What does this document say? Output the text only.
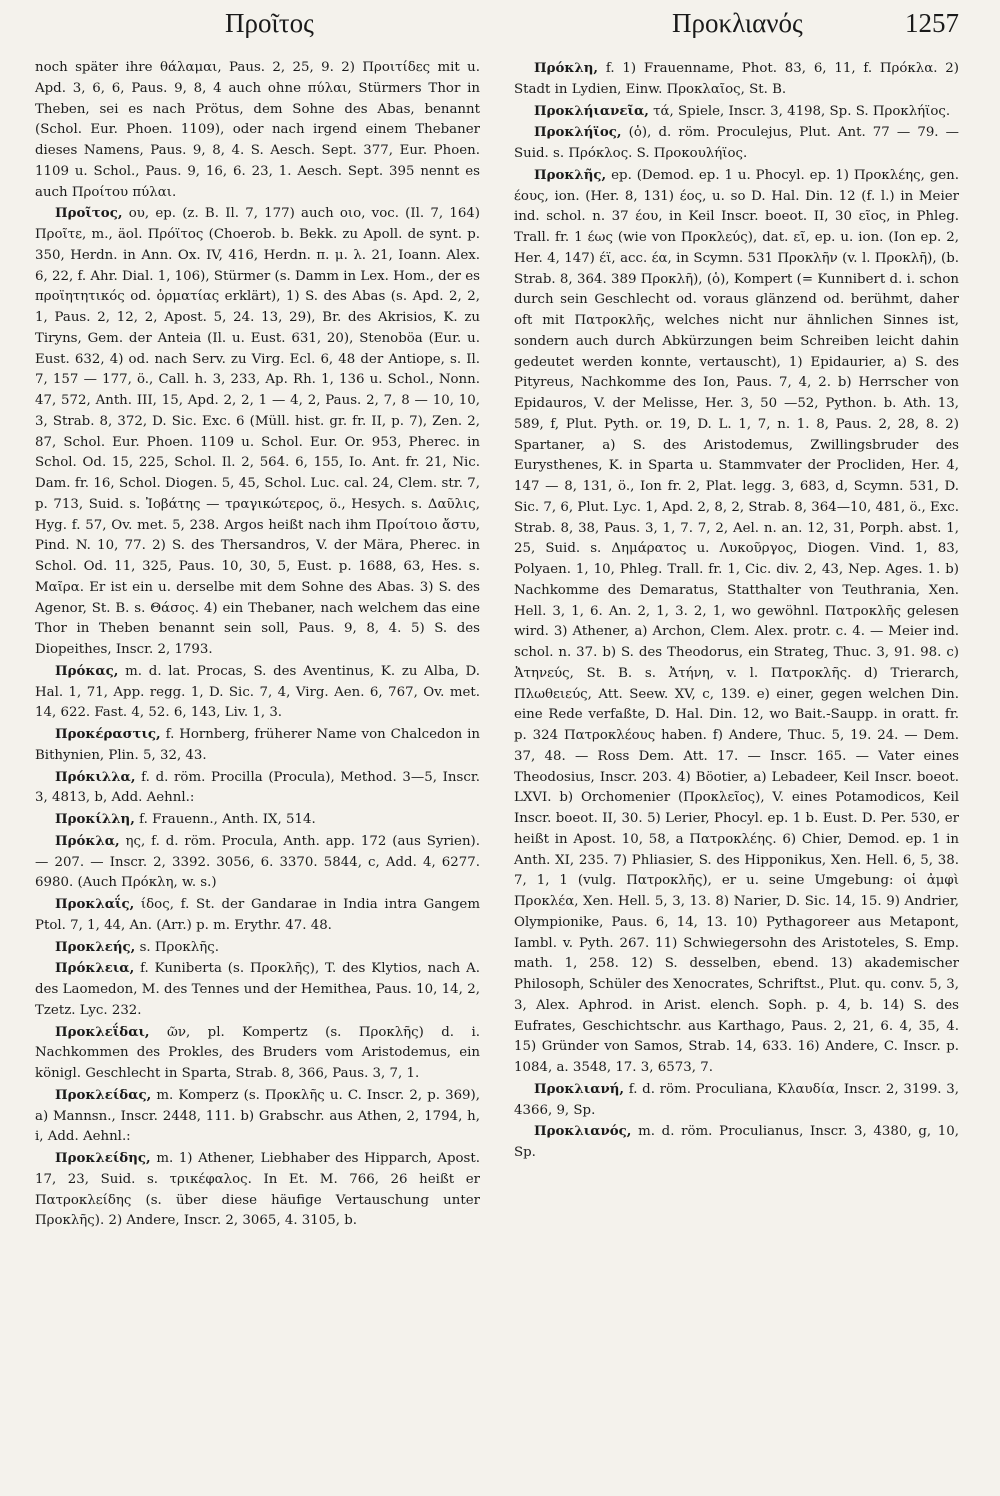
Προῖτος	Προκλιανός	1257

noch später ihre θάλαμαι, Paus. 2, 25, 9. 2) Προιτίδες mit u. Apd. 3, 6, 6, Paus. 9, 8, 4 auch ohne πύλαι, Stürmers Thor in Theben, sei es nach Prötus, dem Sohne des Abas, benannt (Schol. Eur. Phoen. 1109), oder nach irgend einem Thebaner dieses Namens, Paus. 9, 8, 4. S. Aesch. Sept. 377, Eur. Phoen. 1109 u. Schol., Paus. 9, 16, 6. 23, 1. Aesch. Sept. 395 nennt es auch Προίτου πύλαι.

Προῖτος, ου, ep. (z. B. Il. 7, 177) auch οιο, voc. (Il. 7, 164) Προῖτε, m., äol. Πρόϊτος (Choerob. b. Bekk. zu Apoll. de synt. p. 350, Herdn. in Ann. Ox. IV, 416, Herdn. π. μ. λ. 21, Ioann. Alex. 6, 22, f. Ahr. Dial. 1, 106), Stürmer (s. Damm in Lex. Hom., der es προϊητητικός od. ὁρματίας erklärt), 1) S. des Abas (s. Apd. 2, 2, 1, Paus. 2, 12, 2, Apost. 5, 24. 13, 29), Br. des Akrisios, K. zu Tiryns, Gem. der Anteia (Il. u. Eust. 631, 20), Stenoböa (Eur. u. Eust. 632, 4) od. nach Serv. zu Virg. Ecl. 6, 48 der Antiope, s. Il. 7, 157 — 177, ö., Call. h. 3, 233, Ap. Rh. 1, 136 u. Schol., Nonn. 47, 572, Anth. III, 15, Apd. 2, 2, 1 — 4, 2, Paus. 2, 7, 8 — 10, 10, 3, Strab. 8, 372, D. Sic. Exc. 6 (Müll. hist. gr. fr. II, p. 7), Zen. 2, 87, Schol. Eur. Phoen. 1109 u. Schol. Eur. Or. 953, Pherec. in Schol. Od. 15, 225, Schol. Il. 2, 564. 6, 155, Io. Ant. fr. 21, Nic. Dam. fr. 16, Schol. Diogen. 5, 45, Schol. Luc. cal. 24, Clem. str. 7, p. 713, Suid. s. Ἰοβάτης — τραγικώτερος, ö., Hesych. s. Δαῦλις, Hyg. f. 57, Ov. met. 5, 238. Argos heißt nach ihm Προίτοιο ἄστυ, Pind. N. 10, 77. 2) S. des Thersandros, V. der Mära, Pherec. in Schol. Od. 11, 325, Paus. 10, 30, 5, Eust. p. 1688, 63, Hes. s. Μαῖρα. Er ist ein u. derselbe mit dem Sohne des Abas. 3) S. des Agenor, St. B. s. Θάσος. 4) ein Thebaner, nach welchem das eine Thor in Theben benannt sein soll, Paus. 9, 8, 4. 5) S. des Diopeithes, Inscr. 2, 1793.

Πρόκας, m. d. lat. Procas, S. des Aventinus, K. zu Alba, D. Hal. 1, 71, App. regg. 1, D. Sic. 7, 4, Virg. Aen. 6, 767, Ov. met. 14, 622. Fast. 4, 52. 6, 143, Liv. 1, 3.

Προκέραστις, f. Hornberg, früherer Name von Chalcedon in Bithynien, Plin. 5, 32, 43.

Πρόκιλλα, f. d. röm. Procilla (Procula), Method. 3—5, Inscr. 3, 4813, b, Add. Aehnl.:

Προκίλλη, f. Frauenn., Anth. IX, 514.

Πρόκλα, ης, f. d. röm. Procula, Anth. app. 172 (aus Syrien). — 207. — Inscr. 2, 3392. 3056, 6. 3370. 5844, c, Add. 4, 6277. 6980. (Auch Πρόκλη, w. s.)

Προκλαΐς, ίδος, f. St. der Gandarae in India intra Gangem Ptol. 7, 1, 44, An. (Arr.) p. m. Erythr. 47. 48.

Προκλεής, s. Προκλῆς.

Πρόκλεια, f. Kuniberta (s. Προκλῆς), T. des Klytios, nach A. des Laomedon, M. des Tennes und der Hemithea, Paus. 10, 14, 2, Tzetz. Lyc. 232.

Προκλεΐδαι, ῶν, pl. Kompertz (s. Προκλῆς) d. i. Nachkommen des Prokles, des Bruders vom Aristodemus, ein königl. Geschlecht in Sparta, Strab. 8, 366, Paus. 3, 7, 1.

Προκλείδας, m. Komperz (s. Προκλῆς u. C. Inscr. 2, p. 369), a) Mannsn., Inscr. 2448, 111. b) Grabschr. aus Athen, 2, 1794, h, i, Add. Aehnl.:

Προκλείδης, m. 1) Athener, Liebhaber des Hipparch, Apost. 17, 23, Suid. s. τρικέφαλος. In Et. M. 766, 26 heißt er Πατροκλείδης (s. über diese häufige Vertauschung unter Προκλῆς). 2) Andere, Inscr. 2, 3065, 4. 3105, b.

Πρόκλη, f. 1) Frauenname, Phot. 83, 6, 11, f. Πρόκλα. 2) Stadt in Lydien, Einw. Προκλαῖος, St. B.

Προκλήιανεῖα, τά, Spiele, Inscr. 3, 4198, Sp. S. Προκλήϊος.

Προκλήϊος, (ὁ), d. röm. Proculejus, Plut. Ant. 77 — 79. — Suid. s. Πρόκλος. S. Προκουλήϊος.

Προκλῆς, ep. (Demod. ep. 1 u. Phocyl. ep. 1) Προκλέης, gen. έους, ion. (Her. 8, 131) έος, u. so D. Hal. Din. 12 (f. l.) in Meier ind. schol. n. 37 έου, in Keil Inscr. boeot. II, 30 εῖος, in Phleg. Trall. fr. 1 έως (wie von Προκλεύς), dat. εῖ, ep. u. ion. (Ion ep. 2, Her. 4, 147) έϊ, acc. έα, in Scymn. 531 Προκλῆν (v. l. Προκλῆ), (b. Strab. 8, 364. 389 Προκλῆ), (ὁ), Kompert (= Kunnibert d. i. schon durch sein Geschlecht od. voraus glänzend od. berühmt, daher oft mit Πατροκλῆς, welches nicht nur ähnlichen Sinnes ist, sondern auch durch Abkürzungen beim Schreiben leicht dahin gedeutet werden konnte, vertauscht), 1) Epidaurier, a) S. des Pityreus, Nachkomme des Ion, Paus. 7, 4, 2. b) Herrscher von Epidauros, V. der Melisse, Her. 3, 50 —52, Python. b. Ath. 13, 589, f, Plut. Pyth. or. 19, D. L. 1, 7, n. 1. 8, Paus. 2, 28, 8. 2) Spartaner, a) S. des Aristodemus, Zwillingsbruder des Eurysthenes, K. in Sparta u. Stammvater der Procliden, Her. 4, 147 — 8, 131, ö., Ion fr. 2, Plat. legg. 3, 683, d, Scymn. 531, D. Sic. 7, 6, Plut. Lyc. 1, Apd. 2, 8, 2, Strab. 8, 364—10, 481, ö., Exc. Strab. 8, 38, Paus. 3, 1, 7. 7, 2, Ael. n. an. 12, 31, Porph. abst. 1, 25, Suid. s. Δημάρατος u. Λυκοῦργος, Diogen. Vind. 1, 83, Polyaen. 1, 10, Phleg. Trall. fr. 1, Cic. div. 2, 43, Nep. Ages. 1. b) Nachkomme des Demaratus, Statthalter von Teuthrania, Xen. Hell. 3, 1, 6. An. 2, 1, 3. 2, 1, wo gewöhnl. Πατροκλῆς gelesen wird. 3) Athener, a) Archon, Clem. Alex. protr. c. 4. — Meier ind. schol. n. 37. b) S. des Theodorus, ein Strateg, Thuc. 3, 91. 98. c) Ἀτηνεύς, St. B. s. Ἀτήνη, v. l. Πατροκλῆς. d) Trierarch, Πλωθειεύς, Att. Seew. XV, c, 139. e) einer, gegen welchen Din. eine Rede verfaßte, D. Hal. Din. 12, wo Bait.-Saupp. in oratt. fr. p. 324 Πατροκλέους haben. f) Andere, Thuc. 5, 19. 24. — Dem. 37, 48. — Ross Dem. Att. 17. — Inscr. 165. — Vater eines Theodosius, Inscr. 203. 4) Böotier, a) Lebadeer, Keil Inscr. boeot. LXVI. b) Orchomenier (Προκλεῖος), V. eines Potamodicos, Keil Inscr. boeot. II, 30. 5) Lerier, Phocyl. ep. 1 b. Eust. D. Per. 530, er heißt in Apost. 10, 58, a Πατροκλέης. 6) Chier, Demod. ep. 1 in Anth. XI, 235. 7) Phliasier, S. des Hipponikus, Xen. Hell. 6, 5, 38. 7, 1, 1 (vulg. Πατροκλῆς), er u. seine Umgebung: οἱ ἀμφὶ Προκλέα, Xen. Hell. 5, 3, 13. 8) Narier, D. Sic. 14, 15. 9) Andrier, Olympionike, Paus. 6, 14, 13. 10) Pythagoreer aus Metapont, Iambl. v. Pyth. 267. 11) Schwiegersohn des Aristoteles, S. Emp. math. 1, 258. 12) S. desselben, ebend. 13) akademischer Philosoph, Schüler des Xenocrates, Schriftst., Plut. qu. conv. 5, 3, 3, Alex. Aphrod. in Arist. elench. Soph. p. 4, b. 14) S. des Eufrates, Geschichtschr. aus Karthago, Paus. 2, 21, 6. 4, 35, 4. 15) Gründer von Samos, Strab. 14, 633. 16) Andere, C. Inscr. p. 1084, a. 3548, 17. 3, 6573, 7.

Προκλιανή, f. d. röm. Proculiana, Κλαυδία, Inscr. 2, 3199. 3, 4366, 9, Sp.

Προκλιανός, m. d. röm. Proculianus, Inscr. 3, 4380, g, 10, Sp.
